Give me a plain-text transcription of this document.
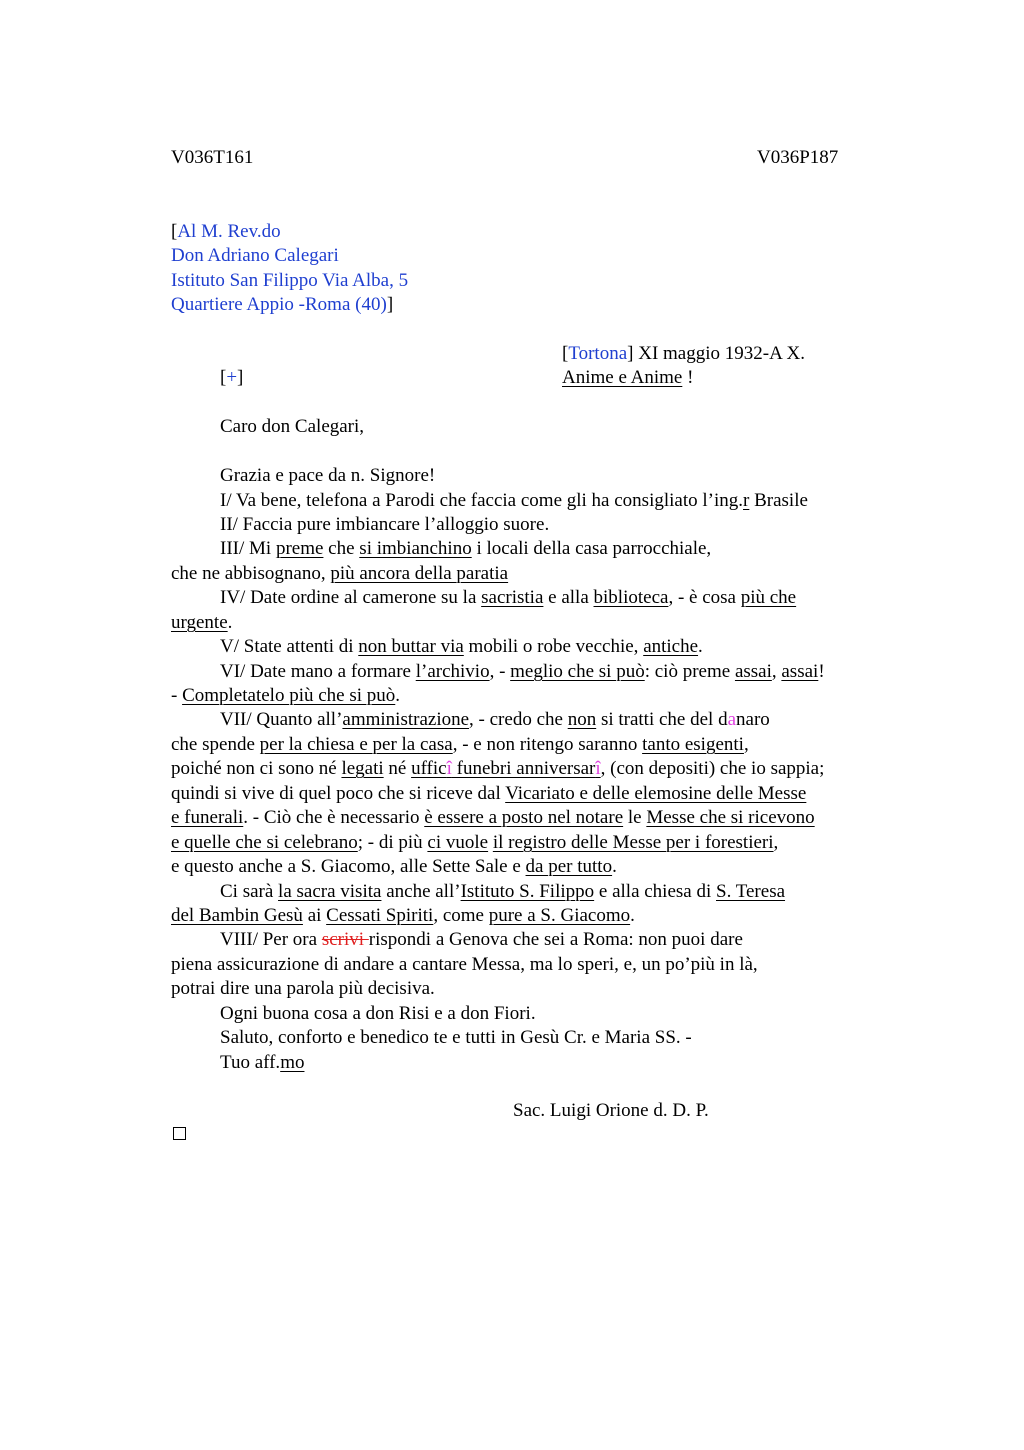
V036T161	V036P187
[Al M. Rev.do
Don Adriano Calegari
Istituto San Filippo Via Alba, 5
Quartiere Appio -Roma (40)]
[Tortona] XI maggio 1932-A X.
[+]	Anime e Anime !
Caro don Calegari,
Grazia e pace da n. Signore!
I/ Va bene, telefona a Parodi che faccia come gli ha consigliato l’ing.r Brasile
II/ Faccia pure imbiancare l’alloggio suore.
III/ Mi preme che si imbianchino i locali della casa parrocchiale,
che ne abbisognano, più ancora della paratia
IV/ Date ordine al camerone su la sacristia e alla biblioteca, - è cosa più che
urgente.
V/ State attenti di non buttar via mobili o robe vecchie, antiche.
VI/ Date mano a formare l’archivio, - meglio che si può: ciò preme assai, assai!
- Completatelo più che si può.
VII/ Quanto all’amministrazione, - credo che non si tratti che del danaro
che spende per la chiesa e per la casa, - e non ritengo saranno tanto esigenti,
poiché non ci sono né legati né ufficî funebri anniversarî, (con depositi) che io sappia;
quindi si vive di quel poco che si riceve dal Vicariato e delle elemosine delle Messe
e funerali. - Ciò che è necessario è essere a posto nel notare le Messe che si ricevono
e quelle che si celebrano; - di più ci vuole il registro delle Messe per i forestieri,
e questo anche a S. Giacomo, alle Sette Sale e da per tutto.
Ci sarà la sacra visita anche all’Istituto S. Filippo e alla chiesa di S. Teresa
del Bambin Gesù ai Cessati Spiriti, come pure a S. Giacomo.
VIII/ Per ora scrivi rispondi a Genova che sei a Roma: non puoi dare
piena assicurazione di andare a cantare Messa, ma lo speri, e, un po’più in là,
potrai dire una parola più decisiva.
Ogni buona cosa a don Risi e a don Fiori.
Saluto, conforto e benedico te e tutti in Gesù Cr. e Maria SS. -
Tuo aff.mo
Sac. Luigi Orione d. D. P.
